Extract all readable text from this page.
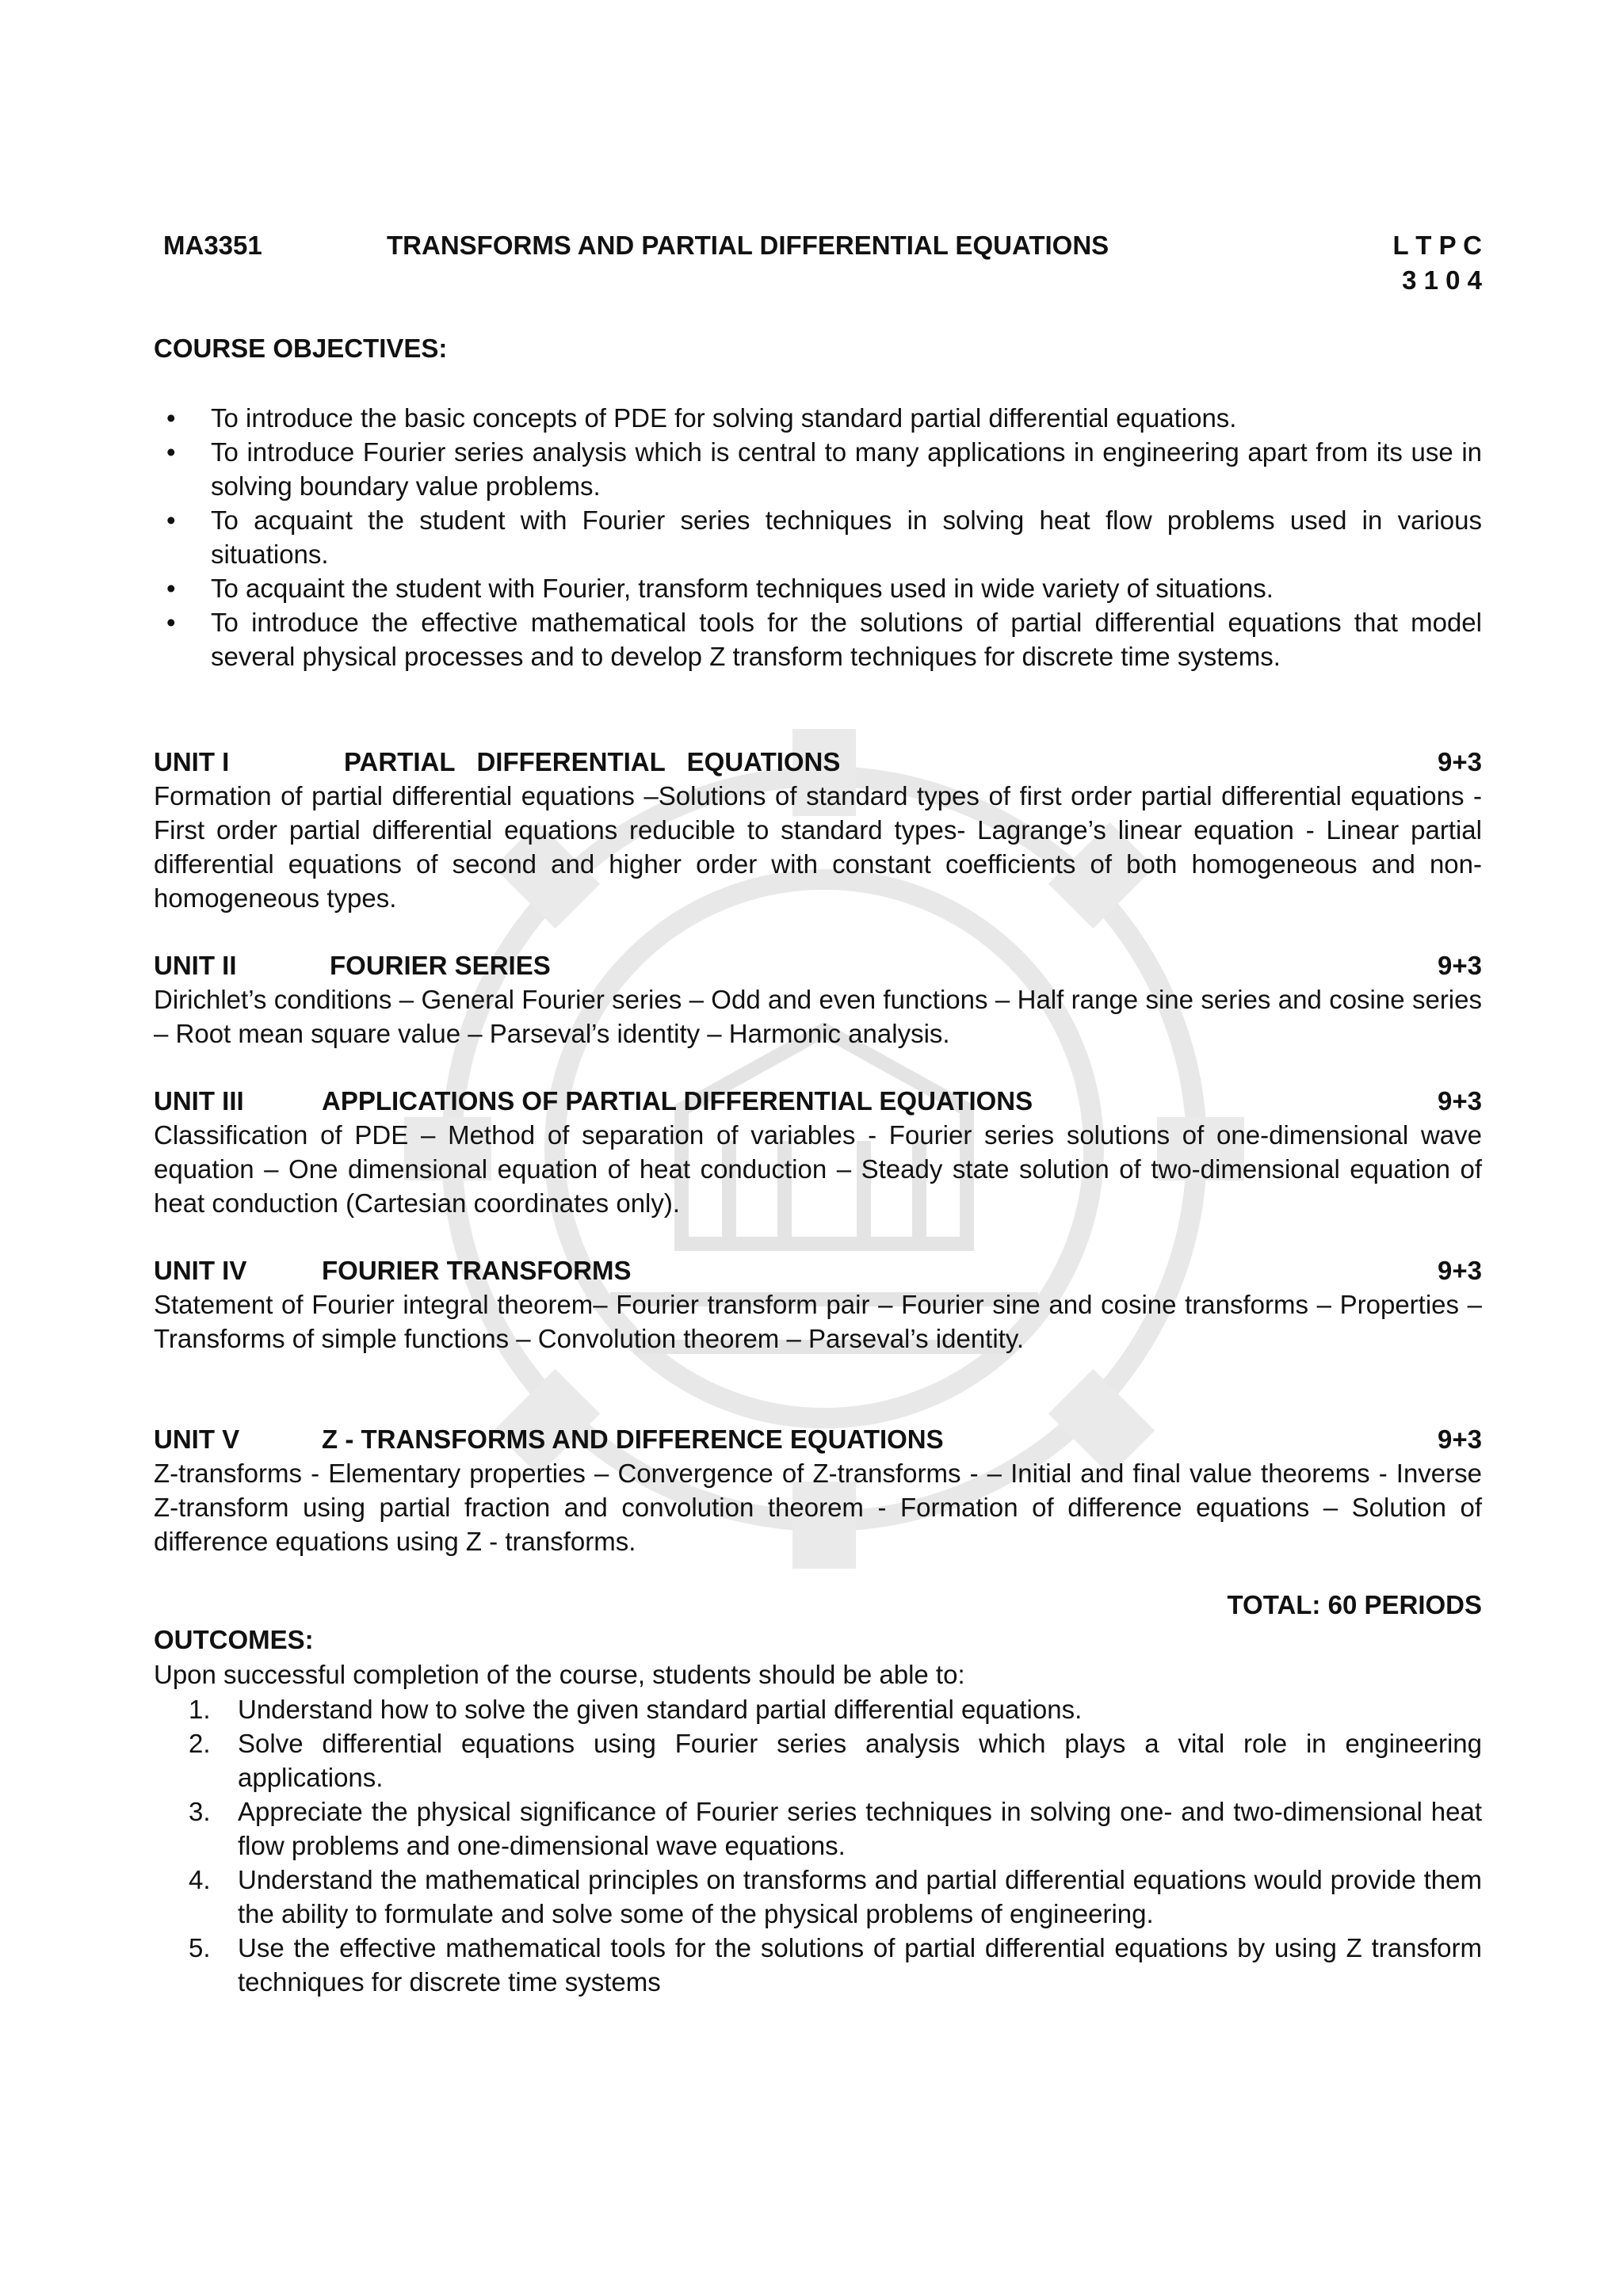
MA3351	TRANSFORMS AND PARTIAL DIFFERENTIAL EQUATIONS	L T P C
3 1 0 4
COURSE OBJECTIVES:
• To introduce the basic concepts of PDE for solving standard partial differential equations.
• To introduce Fourier series analysis which is central to many applications in engineering apart from its use in solving boundary value problems.
• To acquaint the student with Fourier series techniques in solving heat flow problems used in various situations.
• To acquaint the student with Fourier, transform techniques used in wide variety of situations.
• To introduce the effective mathematical tools for the solutions of partial differential equations that model several physical processes and to develop Z transform techniques for discrete time systems.
UNIT I	PARTIAL   DIFFERENTIAL   EQUATIONS	9+3
Formation of partial differential equations –Solutions of standard types of first order partial differential equations - First order partial differential equations reducible to standard types- Lagrange’s linear equation - Linear partial differential equations of second and higher order with constant coefficients of both homogeneous and non-homogeneous types.
UNIT II	FOURIER SERIES	9+3
Dirichlet’s conditions – General Fourier series – Odd and even functions – Half range sine series and cosine series – Root mean square value – Parseval’s identity – Harmonic analysis.
UNIT III	APPLICATIONS OF PARTIAL DIFFERENTIAL EQUATIONS	9+3
Classification of PDE – Method of separation of variables - Fourier series solutions of one-dimensional wave equation – One dimensional equation of heat conduction – Steady state solution of two-dimensional equation of heat conduction (Cartesian coordinates only).
UNIT IV	FOURIER TRANSFORMS	9+3
Statement of Fourier integral theorem– Fourier transform pair – Fourier sine and cosine transforms – Properties – Transforms of simple functions – Convolution theorem – Parseval’s identity.
UNIT V	Z - TRANSFORMS AND DIFFERENCE EQUATIONS	9+3
Z-transforms - Elementary properties – Convergence of Z-transforms - – Initial and final value theorems - Inverse Z-transform using partial fraction and convolution theorem - Formation of difference equations – Solution of difference equations using Z - transforms.
TOTAL: 60 PERIODS
OUTCOMES:
Upon successful completion of the course, students should be able to:
1. Understand how to solve the given standard partial differential equations.
2. Solve differential equations using Fourier series analysis which plays a vital role in engineering applications.
3. Appreciate the physical significance of Fourier series techniques in solving one- and two-dimensional heat flow problems and one-dimensional wave equations.
4. Understand the mathematical principles on transforms and partial differential equations would provide them the ability to formulate and solve some of the physical problems of engineering.
5. Use the effective mathematical tools for the solutions of partial differential equations by using Z transform techniques for discrete time systems
